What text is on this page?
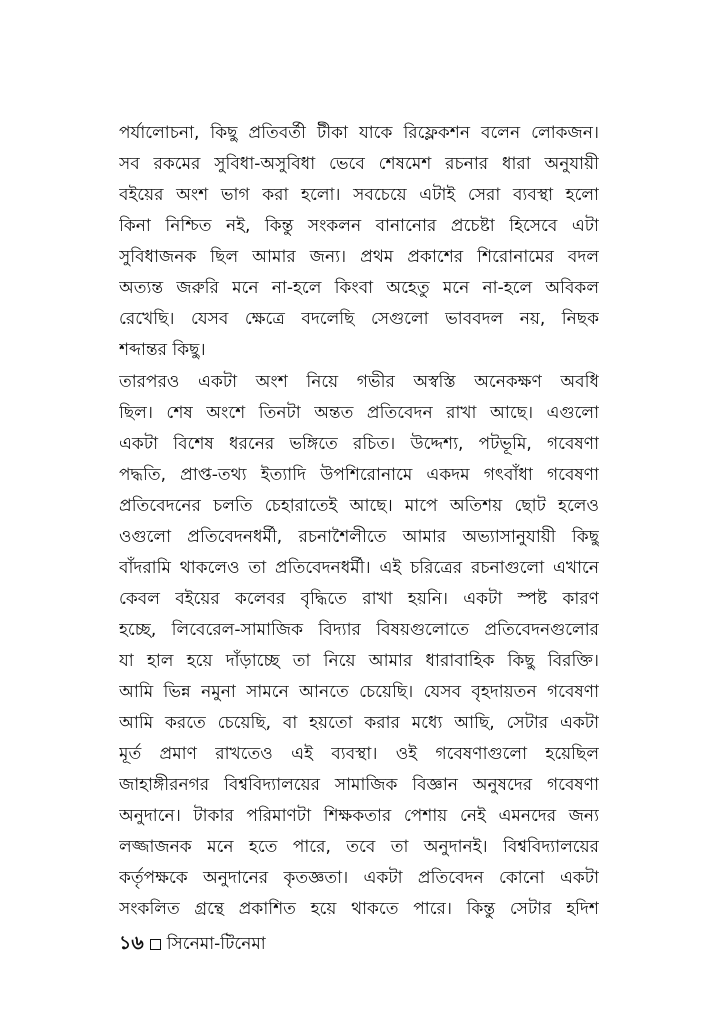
পর্যালোচনা, কিছু প্রতিবর্তী টীকা যাকে রিফ্লেকশন বলেন লোকজন।
সব রকমের সুবিধা-অসুবিধা ভেবে শেষমেশ রচনার ধারা অনুযায়ী
বইয়ের অংশ ভাগ করা হলো। সবচেয়ে এটাই সেরা ব্যবস্থা হলো
কিনা নিশ্চিত নই, কিন্তু সংকলন বানানোর প্রচেষ্টা হিসেবে এটা
সুবিধাজনক ছিল আমার জন্য। প্রথম প্রকাশের শিরোনামের বদল
অত্যন্ত জরুরি মনে না-হলে কিংবা অহেতু মনে না-হলে অবিকল
রেখেছি। যেসব ক্ষেত্রে বদলেছি সেগুলো ভাববদল নয়, নিছক
শব্দান্তর কিছু।
তারপরও একটা অংশ নিয়ে গভীর অস্বস্তি অনেকক্ষণ অবধি
ছিল। শেষ অংশে তিনটা অন্তত প্রতিবেদন রাখা আছে। এগুলো
একটা বিশেষ ধরনের ভঙ্গিতে রচিত। উদ্দেশ্য, পটভূমি, গবেষণা
পদ্ধতি, প্রাপ্ত-তথ্য ইত্যাদি উপশিরোনামে একদম গৎবাঁধা গবেষণা
প্রতিবেদনের চলতি চেহারাতেই আছে। মাপে অতিশয় ছোট হলেও
ওগুলো প্রতিবেদনধর্মী, রচনাশৈলীতে আমার অভ্যাসানুযায়ী কিছু
বাঁদরামি থাকলেও তা প্রতিবেদনধর্মী। এই চরিত্রের রচনাগুলো এখানে
কেবল বইয়ের কলেবর বৃদ্ধিতে রাখা হয়নি। একটা স্পষ্ট কারণ
হচ্ছে, লিবেরেল-সামাজিক বিদ্যার বিষয়গুলোতে প্রতিবেদনগুলোর
যা হাল হয়ে দাঁড়াচ্ছে তা নিয়ে আমার ধারাবাহিক কিছু বিরক্তি।
আমি ভিন্ন নমুনা সামনে আনতে চেয়েছি। যেসব বৃহদায়তন গবেষণা
আমি করতে চেয়েছি, বা হয়তো করার মধ্যে আছি, সেটার একটা
মূর্ত প্রমাণ রাখতেও এই ব্যবস্থা। ওই গবেষণাগুলো হয়েছিল
জাহাঙ্গীরনগর বিশ্ববিদ্যালয়ের সামাজিক বিজ্ঞান অনুষদের গবেষণা
অনুদানে। টাকার পরিমাণটা শিক্ষকতার পেশায় নেই এমনদের জন্য
লজ্জাজনক মনে হতে পারে, তবে তা অনুদানই। বিশ্ববিদ্যালয়ের
কর্তৃপক্ষকে অনুদানের কৃতজ্ঞতা। একটা প্রতিবেদন কোনো একটা
সংকলিত গ্রন্থে প্রকাশিত হয়ে থাকতে পারে। কিন্তু সেটার হদিশ
১৬ সিনেমা-টিনেমা
